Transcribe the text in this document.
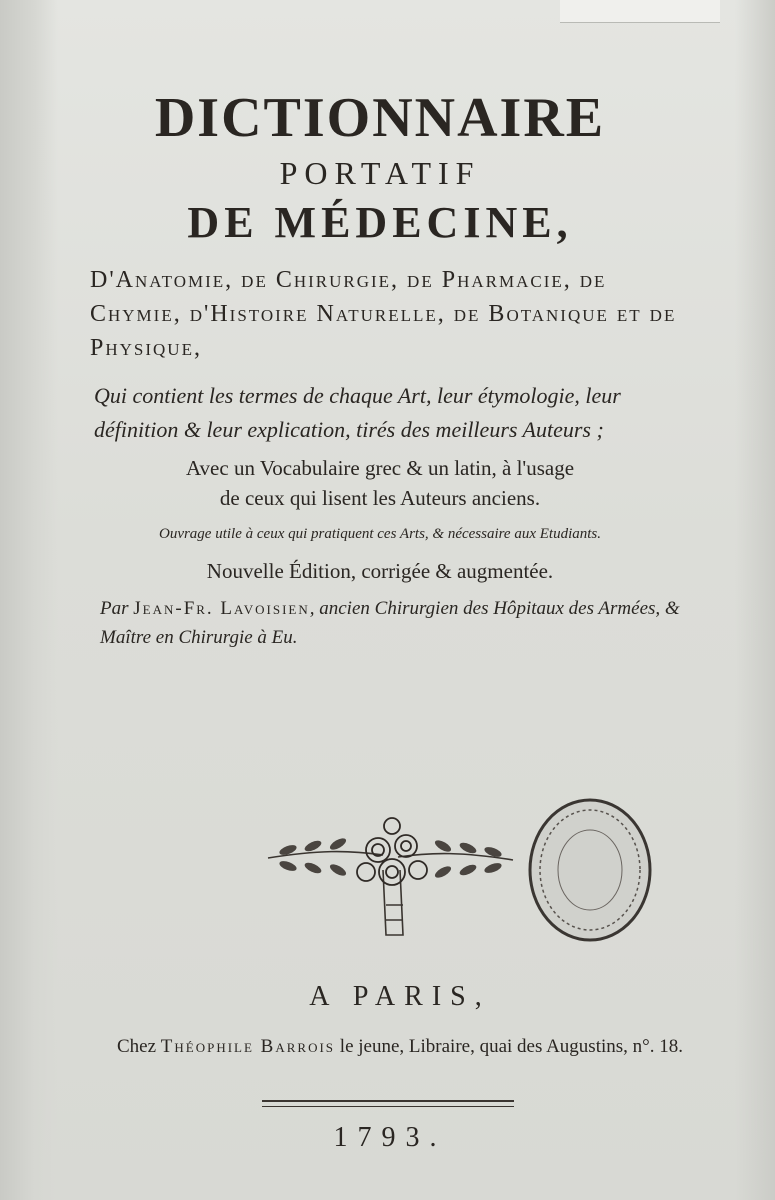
DICTIONNAIRE
PORTATIF
DE MÉDECINE,
D'Anatomie, de Chirurgie, de Pharmacie, de Chymie, d'Histoire Naturelle, de Botanique et de Physique,
Qui contient les termes de chaque Art, leur étymologie, leur définition & leur explication, tirés des meilleurs Auteurs ;
Avec un Vocabulaire grec & un latin, à l'usage
de ceux qui lisent les Auteurs anciens.
Ouvrage utile à ceux qui pratiquent ces Arts, & nécessaire aux Etudiants.
Nouvelle Édition, corrigée & augmentée.
Par Jean-Fr. Lavoisien, ancien Chirurgien des Hôpitaux des Armées, & Maître en Chirurgie à Eu.
A PARIS,
Chez Théophile Barrois le jeune, Libraire, quai des Augustins, n°. 18.
1793.
